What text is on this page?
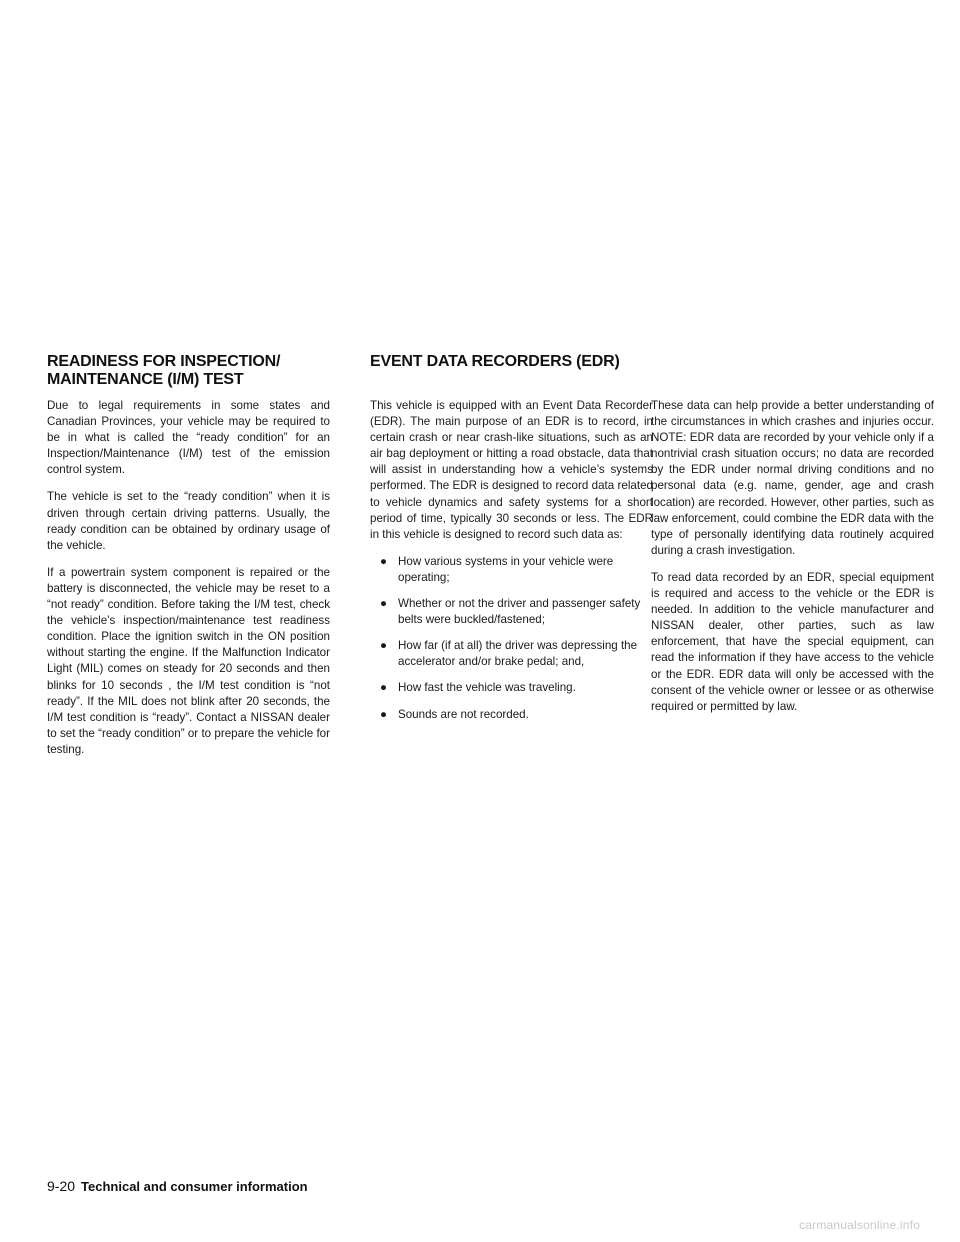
READINESS FOR INSPECTION/
MAINTENANCE (I/M) TEST
EVENT DATA RECORDERS (EDR)

Due to legal requirements in some states and Canadian Provinces, your vehicle may be required to be in what is called the “ready condition” for an Inspection/Maintenance (I/M) test of the emission control system.

The vehicle is set to the “ready condition” when it is driven through certain driving patterns. Usually, the ready condition can be obtained by ordinary usage of the vehicle.

If a powertrain system component is repaired or the battery is disconnected, the vehicle may be reset to a “not ready” condition. Before taking the I/M test, check the vehicle’s inspection/maintenance test readiness condition. Place the ignition switch in the ON position without starting the engine. If the Malfunction Indicator Light (MIL) comes on steady for 20 seconds and then blinks for 10 seconds , the I/M test condition is “not ready”. If the MIL does not blink after 20 seconds, the I/M test condition is “ready”. Contact a NISSAN dealer to set the “ready condition” or to prepare the vehicle for testing.

This vehicle is equipped with an Event Data Recorder (EDR). The main purpose of an EDR is to record, in certain crash or near crash-like situations, such as an air bag deployment or hitting a road obstacle, data that will assist in understanding how a vehicle’s systems performed. The EDR is designed to record data related to vehicle dynamics and safety systems for a short period of time, typically 30 seconds or less. The EDR in this vehicle is designed to record such data as:

● How various systems in your vehicle were operating;
● Whether or not the driver and passenger safety belts were buckled/fastened;
● How far (if at all) the driver was depressing the accelerator and/or brake pedal; and,
● How fast the vehicle was traveling.
● Sounds are not recorded.

These data can help provide a better understanding of the circumstances in which crashes and injuries occur. NOTE: EDR data are recorded by your vehicle only if a nontrivial crash situation occurs; no data are recorded by the EDR under normal driving conditions and no personal data (e.g. name, gender, age and crash location) are recorded. However, other parties, such as law enforcement, could combine the EDR data with the type of personally identifying data routinely acquired during a crash investigation.

To read data recorded by an EDR, special equipment is required and access to the vehicle or the EDR is needed. In addition to the vehicle manufacturer and NISSAN dealer, other parties, such as law enforcement, that have the special equipment, can read the information if they have access to the vehicle or the EDR. EDR data will only be accessed with the consent of the vehicle owner or lessee or as otherwise required or permitted by law.

9-20 Technical and consumer information
carmanualsonline.info
